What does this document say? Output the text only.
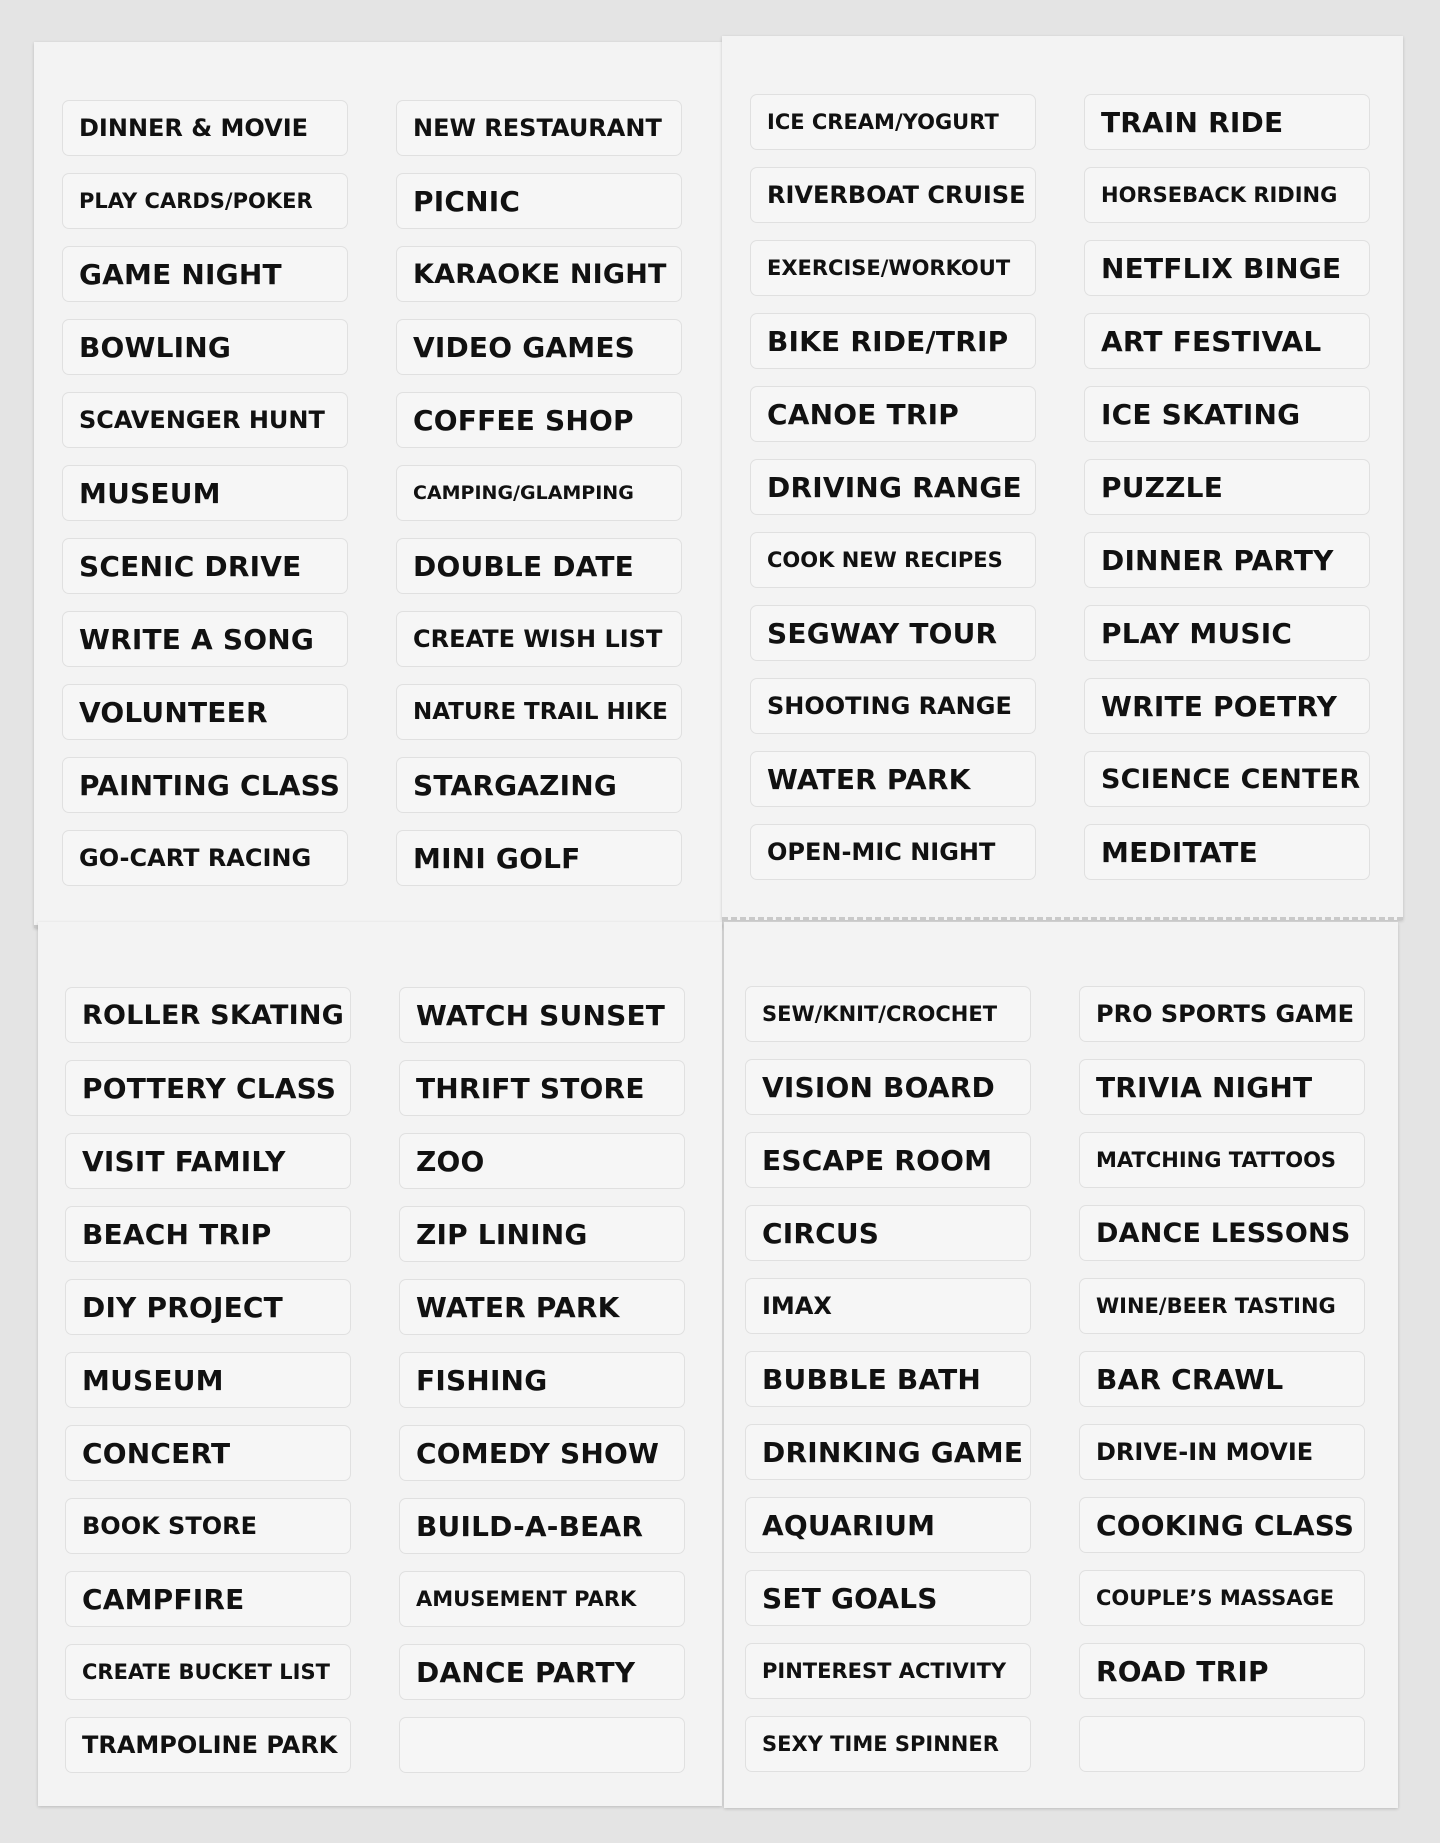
DINNER & MOVIE	NEW RESTAURANT
PLAY CARDS/POKER	PICNIC
GAME NIGHT	KARAOKE NIGHT
BOWLING	VIDEO GAMES
SCAVENGER HUNT	COFFEE SHOP
MUSEUM	CAMPING/GLAMPING
SCENIC DRIVE	DOUBLE DATE
WRITE A SONG	CREATE WISH LIST
VOLUNTEER	NATURE TRAIL HIKE
PAINTING CLASS	STARGAZING
GO-CART RACING	MINI GOLF
ICE CREAM/YOGURT	TRAIN RIDE
RIVERBOAT CRUISE	HORSEBACK RIDING
EXERCISE/WORKOUT	NETFLIX BINGE
BIKE RIDE/TRIP	ART FESTIVAL
CANOE TRIP	ICE SKATING
DRIVING RANGE	PUZZLE
COOK NEW RECIPES	DINNER PARTY
SEGWAY TOUR	PLAY MUSIC
SHOOTING RANGE	WRITE POETRY
WATER PARK	SCIENCE CENTER
OPEN-MIC NIGHT	MEDITATE
ROLLER SKATING	WATCH SUNSET
POTTERY CLASS	THRIFT STORE
VISIT FAMILY	ZOO
BEACH TRIP	ZIP LINING
DIY PROJECT	WATER PARK
MUSEUM	FISHING
CONCERT	COMEDY SHOW
BOOK STORE	BUILD-A-BEAR
CAMPFIRE	AMUSEMENT PARK
CREATE BUCKET LIST	DANCE PARTY
TRAMPOLINE PARK
SEW/KNIT/CROCHET	PRO SPORTS GAME
VISION BOARD	TRIVIA NIGHT
ESCAPE ROOM	MATCHING TATTOOS
CIRCUS	DANCE LESSONS
IMAX	WINE/BEER TASTING
BUBBLE BATH	BAR CRAWL
DRINKING GAME	DRIVE-IN MOVIE
AQUARIUM	COOKING CLASS
SET GOALS	COUPLE’S MASSAGE
PINTEREST ACTIVITY	ROAD TRIP
SEXY TIME SPINNER
